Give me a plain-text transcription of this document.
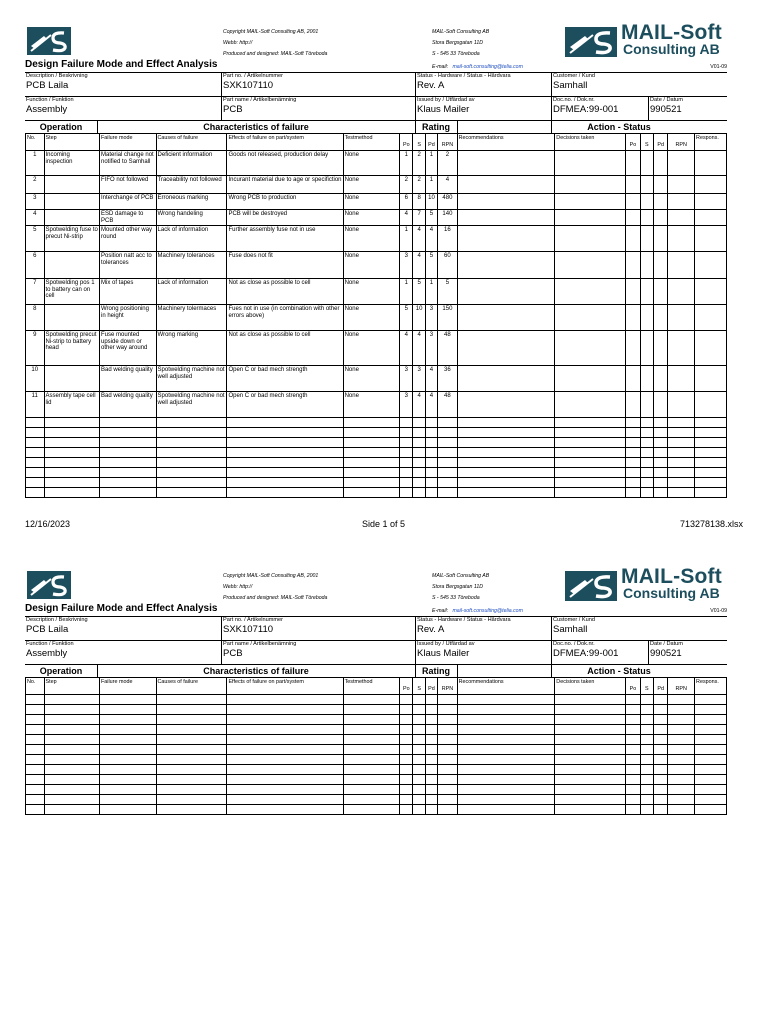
Copyright MAIL-Soft Consulting AB, 2001
Webb: http://
Produced and designed: MAIL-Soft Töreboda
MAIL-Soft Consulting AB
Stora Bergsgatan 11D
S - 545 33 Töreboda
MAIL-Soft
Consulting AB
Design Failure Mode and Effect Analysis	E-mail: mail-soft.consulting@telia.com	V01-09
Description / Beskrivning
PCB Laila
Part no. / Artikelnummer
SXK107110
Status - Hardware / Status - Hårdvara
Rev. A
Customer / Kund
Samhall
Function / Funktion
Assembly
Part name / Artikelbenämning
PCB
Issued by / Utfärdad av
Klaus Mailer
Doc.no. / Dok.nr.
DFMEA:99-001
Date / Datum
990521
Operation	Characteristics of failure	Rating	Action - Status
No.	Step	Failure mode	Causes of failure	Effects of failure on part/system	Testmethod	Po	S	Pd	RPN	Recommendations	Decisions taken	Po	S	Pd	RPN	Respons.
1	Incoming inspection	Material change not notified to Samhall	Deficient information	Goods not released, production delay	None	1	2	1	2							
2		FIFO not followed	Traceability not followed	Incurant material due to age or specifiction	None	2	2	1	4							
3		Interchange of PCB	Erroneous marking	Wrong PCB to production	None	6	8	10	480							
4		ESD damage to PCB	Wrong handeling	PCB will be destroyed	None	4	7	5	140							
5	Spotwelding fuse to precut Ni-strip	Mounted other way round	Lack of information	Further assembly fuse not in use	None	1	4	4	16							
6		Position natt acc to tolerances	Machinery tolerances	Fuse does not fit	None	3	4	5	60							
7	Spotwelding pos 1 to battery can on cell	Mix of tapes	Lack of information	Not as close as possible to cell	None	1	5	1	5							
8		Wrong positioning in height	Machinery tolermaces	Fues not in use (in combination with other errors above)	None	5	10	3	150							
9	Spotwelding precut Ni-strip to battery head	Fuse mounted upside down or other way around	Wrong marking	Not as close as possible to cell	None	4	4	3	48							
10		Bad welding quality	Spotwelding machine not well adjusted	Open C or bad mech strength	None	3	3	4	36							
11	Assembly tape cell lid	Bad welding quality	Spotwelding machine not well adjusted	Open C or bad mech strength	None	3	4	4	48							

12/16/2023	Side 1 of 5	713278138.xlsx
Copyright MAIL-Soft Consulting AB, 2001
Webb: http://
Produced and designed: MAIL-Soft Töreboda
MAIL-Soft Consulting AB
Stora Bergsgatan 11D
S - 545 33 Töreboda
MAIL-Soft
Consulting AB
Design Failure Mode and Effect Analysis	E-mail: mail-soft.consulting@telia.com	V01-09
Description / Beskrivning
PCB Laila
Part no. / Artikelnummer
SXK107110
Status - Hardware / Status - Hårdvara
Rev. A
Customer / Kund
Samhall
Function / Funktion
Assembly
Part name / Artikelbenämning
PCB
Issued by / Utfärdad av
Klaus Mailer
Doc.no. / Dok.nr.
DFMEA:99-001
Date / Datum
990521
Operation	Characteristics of failure	Rating	Action - Status
No.	Step	Failure mode	Causes of failure	Effects of failure on part/system	Testmethod	Po	S	Pd	RPN	Recommendations	Decisions taken	Po	S	Pd	RPN	Respons.
